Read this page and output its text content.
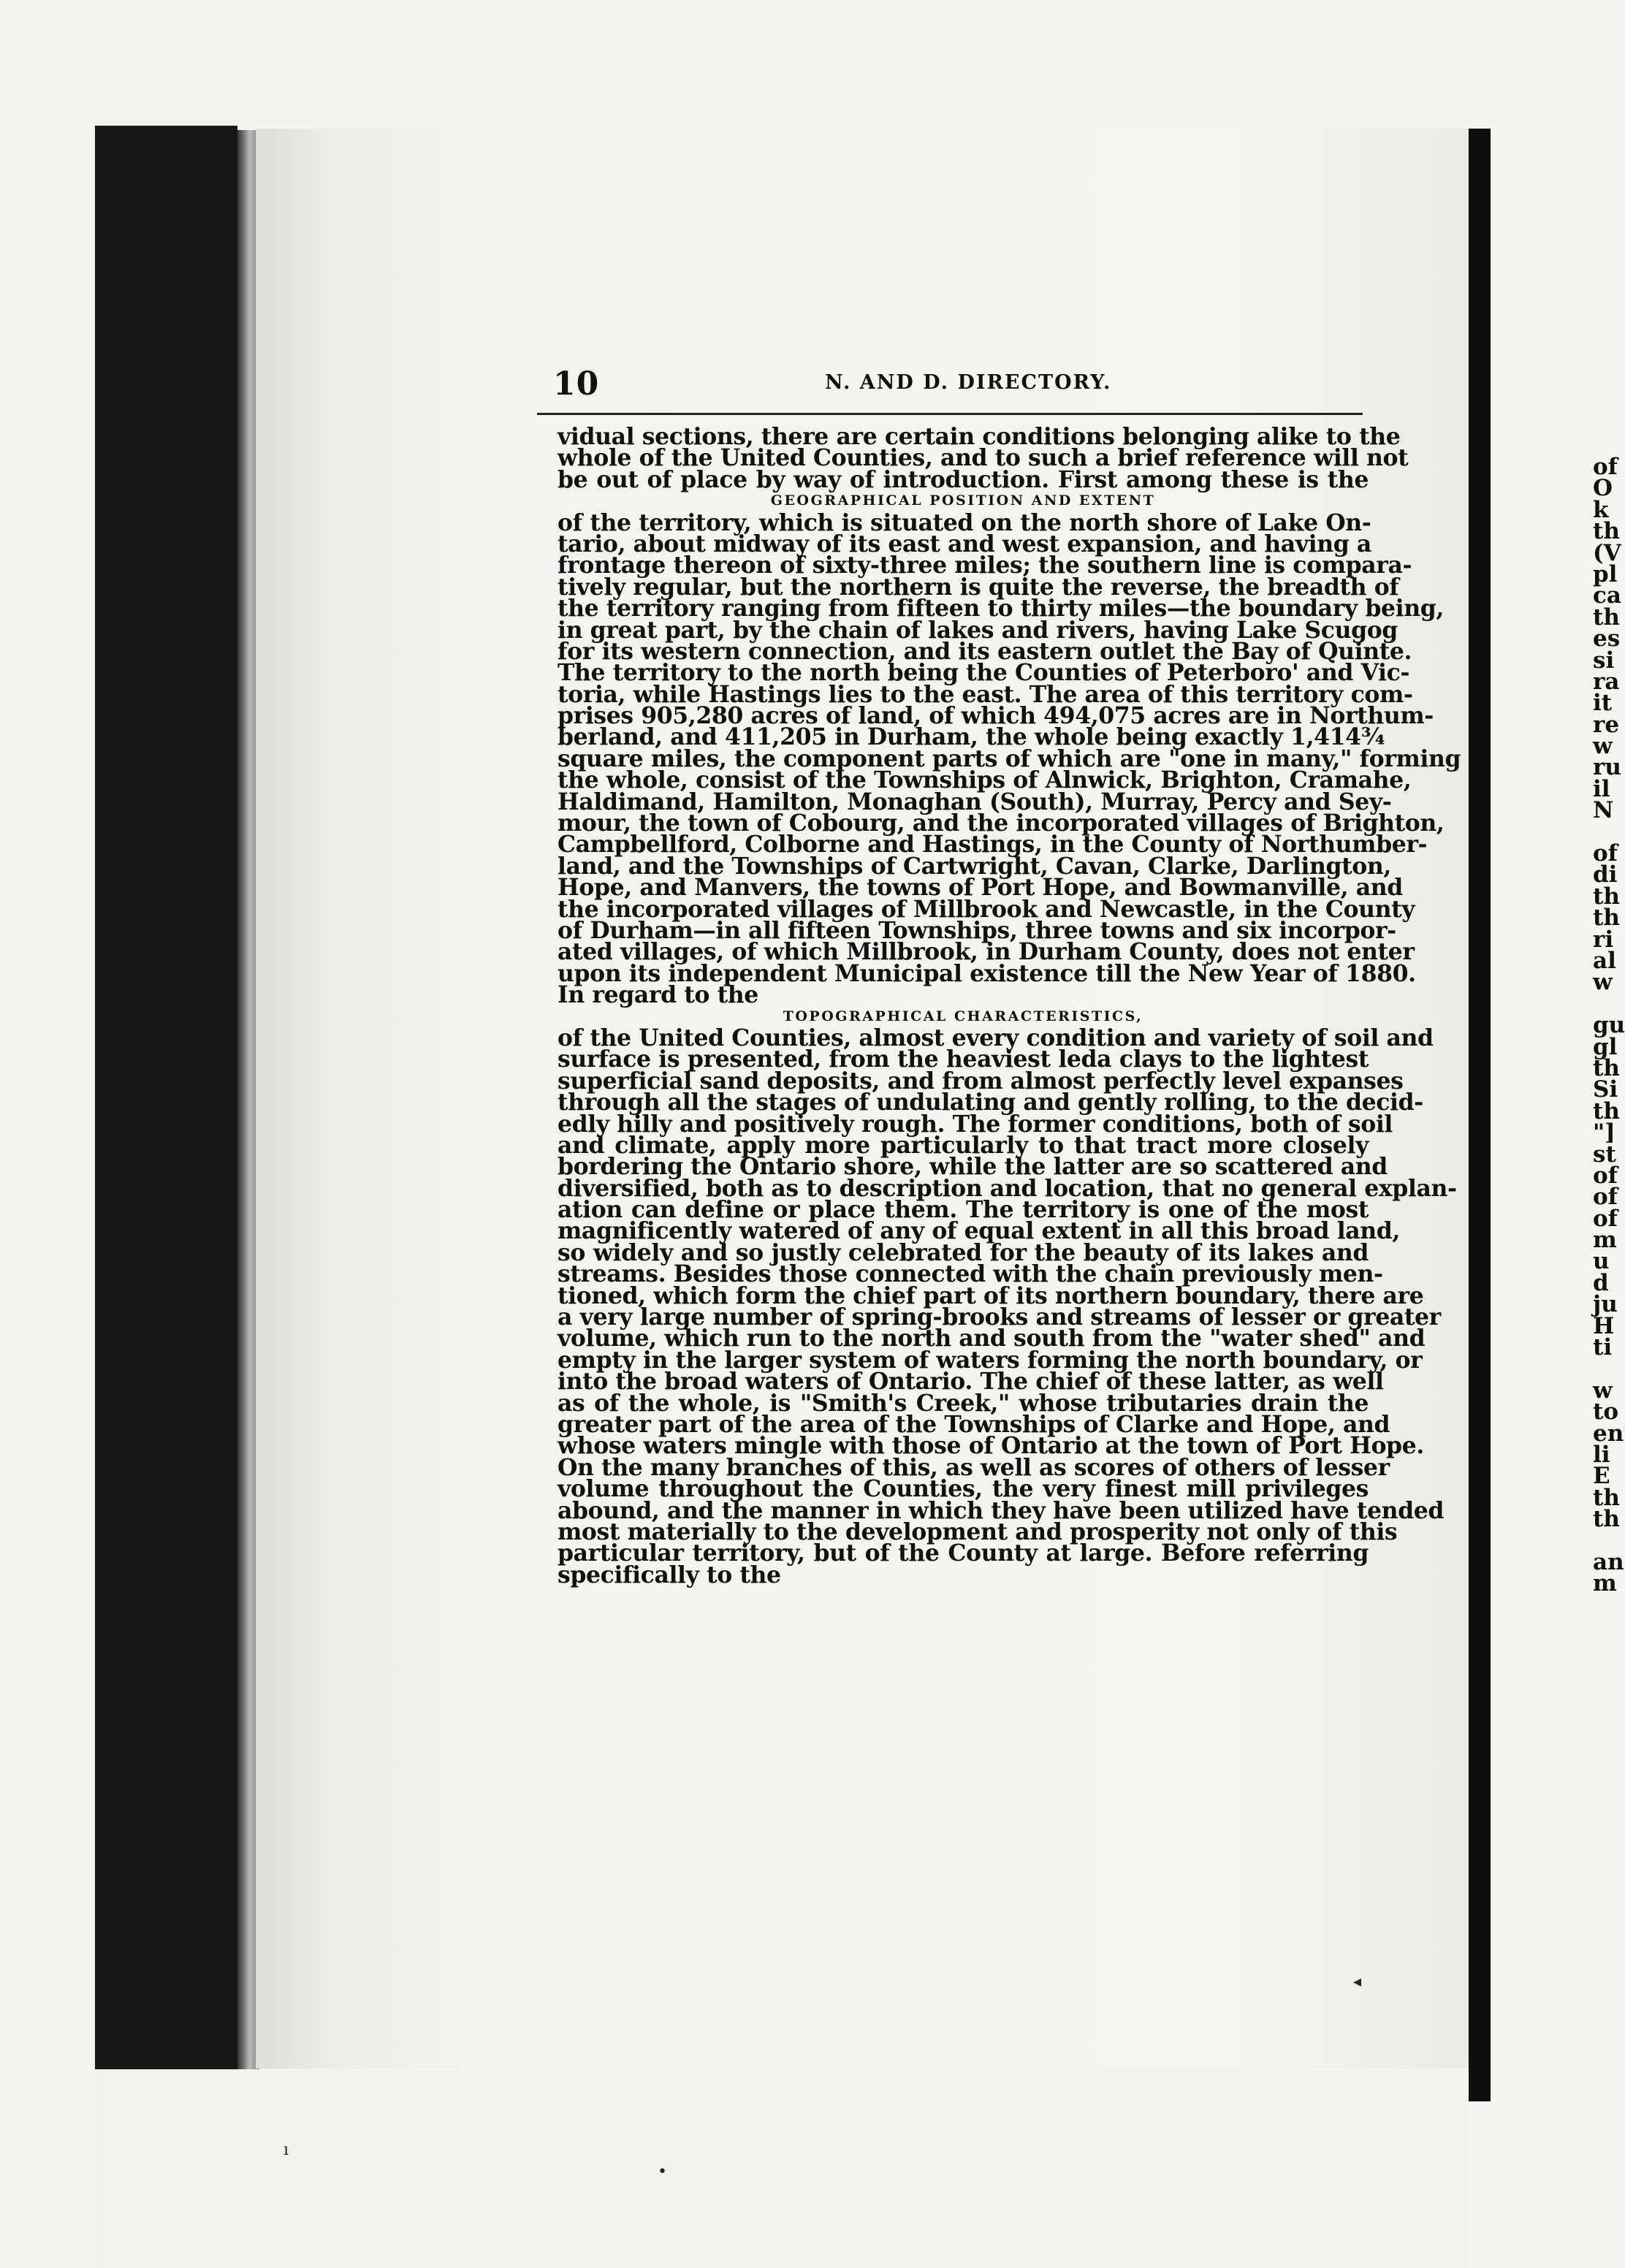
10	N. AND D. DIRECTORY.
vidual sections, there are certain conditions belonging alike to the
whole of the United Counties, and to such a brief reference will not
be out of place by way of introduction. First among these is the
GEOGRAPHICAL POSITION AND EXTENT
of the territory, which is situated on the north shore of Lake On-
tario, about midway of its east and west expansion, and having a
frontage thereon of sixty-three miles; the southern line is compara-
tively regular, but the northern is quite the reverse, the breadth of
the territory ranging from fifteen to thirty miles—the boundary being,
in great part, by the chain of lakes and rivers, having Lake Scugog
for its western connection, and its eastern outlet the Bay of Quinte.
The territory to the north being the Counties of Peterboro' and Vic-
toria, while Hastings lies to the east. The area of this territory com-
prises 905,280 acres of land, of which 494,075 acres are in Northum-
berland, and 411,205 in Durham, the whole being exactly 1,414¾
square miles, the component parts of which are "one in many," forming
the whole, consist of the Townships of Alnwick, Brighton, Cramahe,
Haldimand, Hamilton, Monaghan (South), Murray, Percy and Sey-
mour, the town of Cobourg, and the incorporated villages of Brighton,
Campbellford, Colborne and Hastings, in the County of Northumber-
land, and the Townships of Cartwright, Cavan, Clarke, Darlington,
Hope, and Manvers, the towns of Port Hope, and Bowmanville, and
the incorporated villages of Millbrook and Newcastle, in the County
of Durham—in all fifteen Townships, three towns and six incorpor-
ated villages, of which Millbrook, in Durham County, does not enter
upon its independent Municipal existence till the New Year of 1880.
In regard to the
TOPOGRAPHICAL CHARACTERISTICS,
of the United Counties, almost every condition and variety of soil and
surface is presented, from the heaviest leda clays to the lightest
superficial sand deposits, and from almost perfectly level expanses
through all the stages of undulating and gently rolling, to the decid-
edly hilly and positively rough. The former conditions, both of soil
and climate, apply more particularly to that tract more closely
bordering the Ontario shore, while the latter are so scattered and
diversified, both as to description and location, that no general explan-
ation can define or place them. The territory is one of the most
magnificently watered of any of equal extent in all this broad land,
so widely and so justly celebrated for the beauty of its lakes and
streams. Besides those connected with the chain previously men-
tioned, which form the chief part of its northern boundary, there are
a very large number of spring-brooks and streams of lesser or greater
volume, which run to the north and south from the "water shed" and
empty in the larger system of waters forming the north boundary, or
into the broad waters of Ontario. The chief of these latter, as well
as of the whole, is "Smith's Creek," whose tributaries drain the
greater part of the area of the Townships of Clarke and Hope, and
whose waters mingle with those of Ontario at the town of Port Hope.
On the many branches of this, as well as scores of others of lesser
volume throughout the Counties, the very finest mill privileges
abound, and the manner in which they have been utilized have tended
most materially to the development and prosperity not only of this
particular territory, but of the County at large. Before referring
specifically to the
of
O
k
th
(V
pl
ca
th
es
si
ra
it
re
w
ru
il
N
of
di
th
th
ri
al
w
gu
gl
th
Si
th
"]
st
of
of
of
m
u
d
ju
H
ti
w
to
en
li
E
th
th
an
m
ı
•
◂
